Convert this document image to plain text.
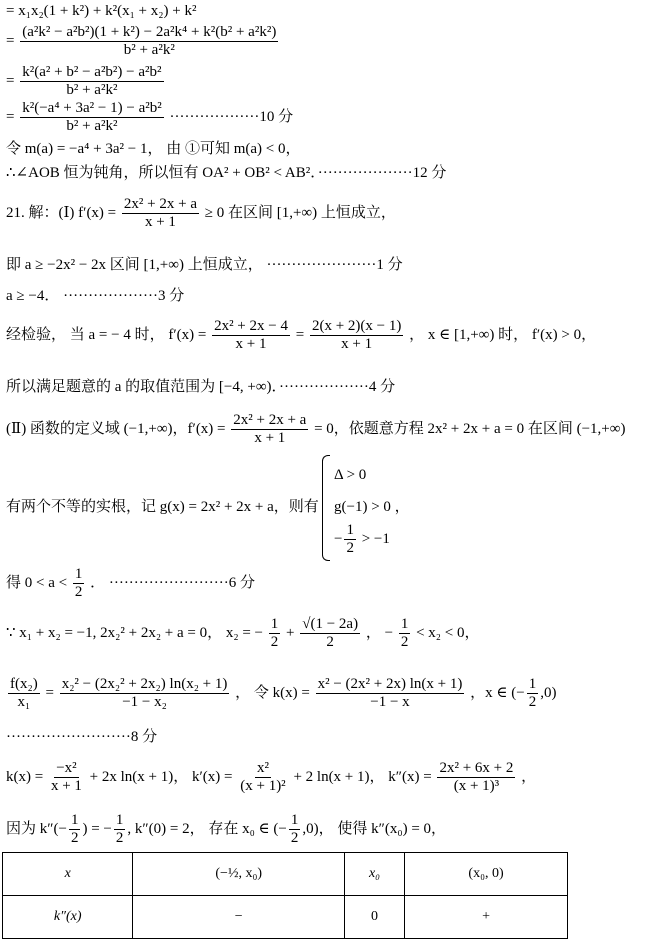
= x₁x₂(1 + k²) + k²(x₁ + x₂) + k²
= $\frac{\text{(a²k² − a²b²)(1 + k²) − 2a²k⁴ + k²(b² + a²k²)}}{\text{b² + a²k²}}$
= $\frac{\text{k²(a² + b² − a²b²) − a²b²}}{\text{b² + a²k²}}$
= $\frac{\text{k²(−a⁴ + 3a² − 1) − a²b²}}{\text{b² + a²k²}} \cdot\cdot\cdot\cdot\cdot\cdot\cdot\cdot\cdot\cdot\cdot\cdot\cdot\cdot\cdot\cdot\cdot\cdot 10$ 分
令 m(a) = −a⁴ + 3a² − 1， 由 ①可知 m(a) < 0，
∴∠AOB 恒为钝角，所以恒有 OA² + OB² < AB²．···················12 分
21. 解：(Ⅰ) $f'(x) = \frac{\text{2x² + 2x + a}}{x + 1} \ge 0$ 在区间 [1,+∞) 上恒成立，
即 a ≥ −2x² − 2x 区间 [1,+∞) 上恒成立， ······················1 分
a ≥ −4． ···················3 分
经检验， 当 a = − 4 时， $f'(x) = \frac{\text{2x² + 2x − 4}}{x + 1} = \frac{2(x + 2)(x - 1)}{x + 1}$ ， x ∈ [1,+∞) 时， f′(x) > 0，
所以满足题意的 a 的取值范围为 [−4, +∞)．··················4 分
(Ⅱ) 函数的定义域 (−1,+∞)，$f'(x) = \frac{\text{2x² + 2x + a}}{x + 1} = 0$，依题意方程 2x² + 2x + a = 0 在区间 (−1,+∞)
有两个不等的实根，记 g(x) = 2x² + 2x + a，则有
Δ > 0
g(−1) > 0 ，
− $\frac{1}{2} > -1$
得 $0 < a < \frac{1}{2}$ ． ························6 分
∵ x₁ + x₂ = −1, 2x₂² + 2x₂ + a = 0， x₂ = − $\frac{1}{2} + \frac{√(1 - 2a)}{2}$ ， − $\frac{1}{2} < x_2 < 0$，
$\frac{\text{f(x₂)}}{\text{x₁}} = \frac{\text{x₂² − (2x₂² + 2x₂) ln(x₂ + 1)}}{\text{−1 − x₂}}$ ， 令 $k(x) = \frac{\text{x² − (2x² + 2x) ln(x + 1)}}{-1 - x}$ ，x ∈ (− $\frac{1}{2} ,0$)
·························8 分
$k(x) = \frac{\text{−x²}}{x + 1} + 2x$ ln(x + 1)， $k'(x) = \frac{\text{x²}}{\text{(x + 1)²}} + 2$ ln(x + 1)， $k''(x) = \frac{\text{2x² + 6x + 2}}{\text{(x + 1)³}}$ ，
因为 $k''(- \frac{1}{2}$ ) = − $\frac{1}{2}$ , k″(0) = 2， 存在 x₀ ∈ (− $\frac{1}{2} ,0$)， 使得 k″(x₀) = 0，
x	(−½, x₀)	x₀	(x₀, 0)
k″(x)	−	0	+
